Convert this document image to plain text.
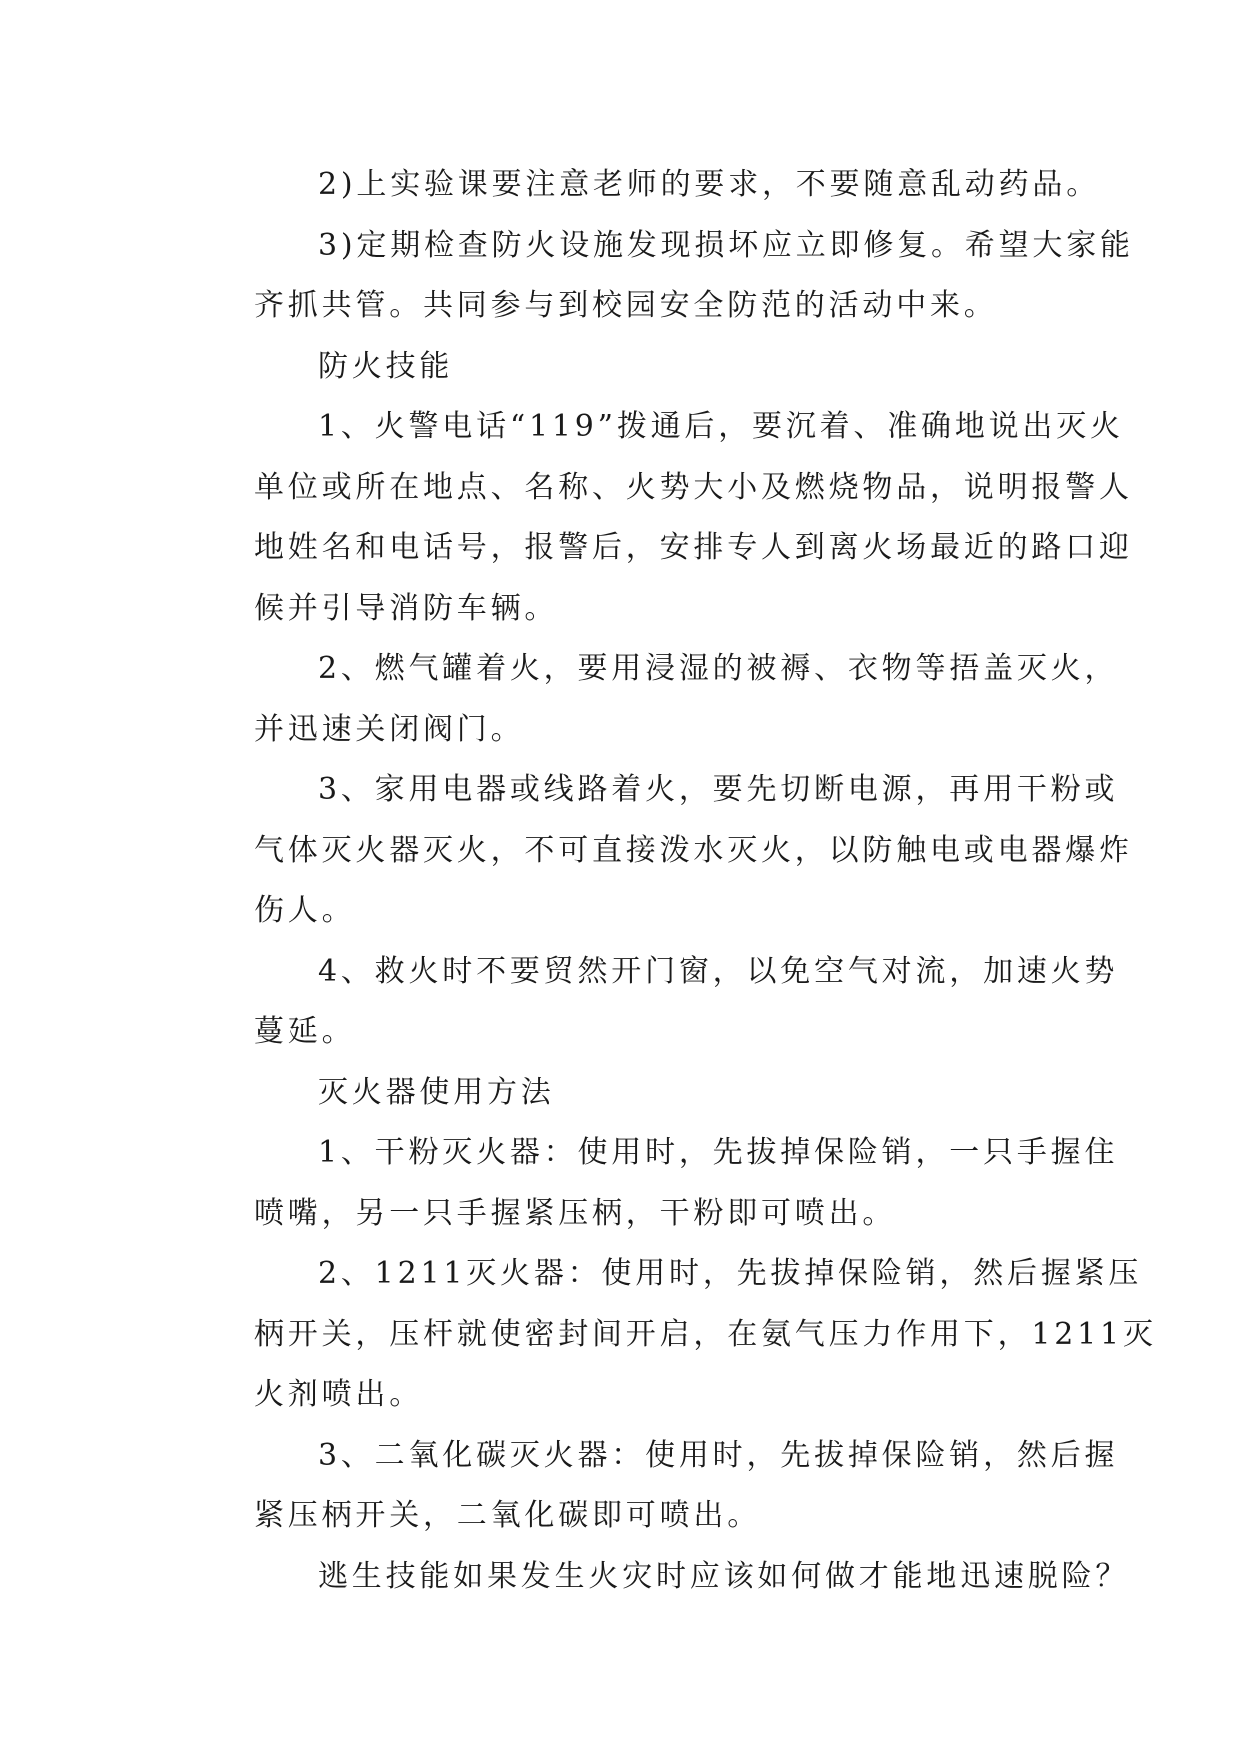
2)上实验课要注意老师的要求，不要随意乱动药品。
3)定期检查防火设施发现损坏应立即修复。希望大家能
齐抓共管。共同参与到校园安全防范的活动中来。
防火技能
1、火警电话“119”拨通后，要沉着、准确地说出灭火
单位或所在地点、名称、火势大小及燃烧物品，说明报警人
地姓名和电话号，报警后，安排专人到离火场最近的路口迎
候并引导消防车辆。
2、燃气罐着火，要用浸湿的被褥、衣物等捂盖灭火，
并迅速关闭阀门。
3、家用电器或线路着火，要先切断电源，再用干粉或
气体灭火器灭火，不可直接泼水灭火，以防触电或电器爆炸
伤人。
4、救火时不要贸然开门窗，以免空气对流，加速火势
蔓延。
灭火器使用方法
1、干粉灭火器：使用时，先拔掉保险销，一只手握住
喷嘴，另一只手握紧压柄，干粉即可喷出。
2、1211灭火器：使用时，先拔掉保险销，然后握紧压
柄开关，压杆就使密封间开启，在氨气压力作用下，1211灭
火剂喷出。
3、二氧化碳灭火器：使用时，先拔掉保险销，然后握
紧压柄开关，二氧化碳即可喷出。
逃生技能如果发生火灾时应该如何做才能地迅速脱险？
